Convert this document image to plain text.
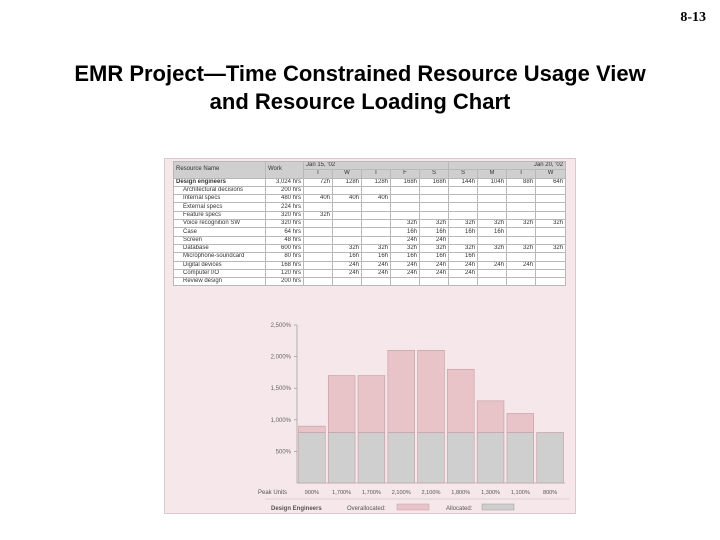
8-13
EMR Project—Time Constrained Resource Usage View
and Resource Loading Chart
Resource Name	Work	Jan 15, '02					Jan 20, '02			
		T	W	T	F	S	S	M	T	W
Design engineers	3,024 hrs	72h	128h	128h	168h	168h	144h	104h	88h	64h
Architectural decisions	200 hrs									
Internal specs	480 hrs	40h	40h	40h						
External specs	224 hrs									
Feature specs	320 hrs	32h								
Voice recognition SW	320 hrs				32h	32h	32h	32h	32h	32h
Case	64 hrs				16h	16h	16h	16h		
Screen	48 hrs				24h	24h				
Database	600 hrs		32h	32h	32h	32h	32h	32h	32h	32h
Microphone-soundcard	80 hrs		16h	16h	16h	16h	16h			
Digital devices	168 hrs		24h	24h	24h	24h	24h	24h	24h	
Computer I/O	120 hrs		24h	24h	24h	24h	24h			
Review design	200 hrs									
2,500%
2,000%
1,500%
1,000%
500%
900% 1,700% 1,700% 2,100% 2,100% 1,800% 1,300% 1,100% 800%
Peak Units
Design Engineers	Overallocated:	Allocated:
